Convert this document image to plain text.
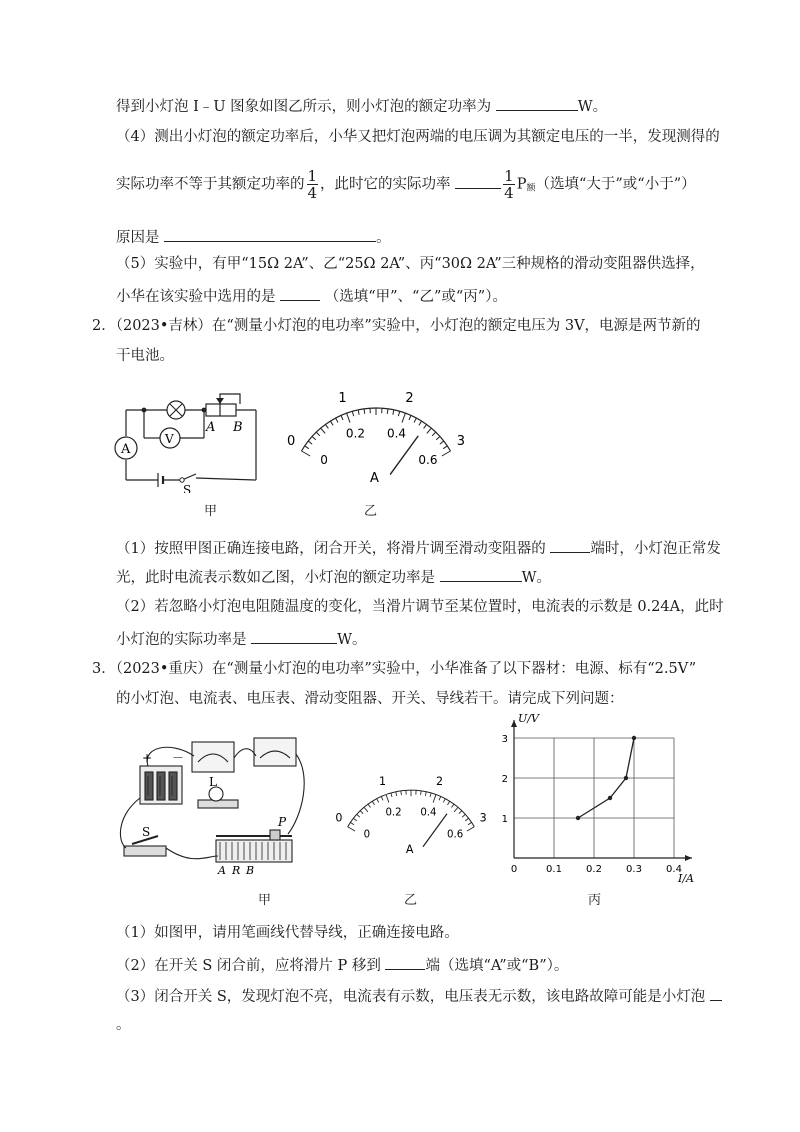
得到小灯泡 I﹣U 图象如图乙所示，则小灯泡的额定功率为	W。
（4）测出小灯泡的额定功率后，小华又把灯泡两端的电压调为其额定电压的一半，发现测得的
实际功率不等于其额定功率的 $\frac{1}{4}$ ，此时它的实际功率	$\frac{1}{4} P_额$（选填“大于”或“小于”）
原因是	。
（5）实验中，有甲“15Ω 2A”、乙“25Ω 2A”、丙“30Ω 2A”三种规格的滑动变阻器供选择，
小华在该实验中选用的是	（选填“甲”、“乙”或“丙”）。
2．（2023•吉林）在“测量小灯泡的电功率”实验中，小灯泡的额定电压为 3V，电源是两节新的
干电池。
A
V
A B
S
甲
0
1	2
3
0
0.2 0.4
0.6
A
乙
（1）按照甲图正确连接电路，闭合开关，将滑片调至滑动变阻器的	端时，小灯泡正常发
光，此时电流表示数如乙图，小灯泡的额定功率是	W。
（2）若忽略小灯泡电阻随温度的变化，当滑片调节至某位置时，电流表的示数是 0.24A，此时
小灯泡的实际功率是	W。
3．（2023•重庆）在“测量小灯泡的电功率”实验中，小华准备了以下器材：电源、标有“2.5V”
的小灯泡、电流表、电压表、滑动变阻器、开关、导线若干。请完成下列问题：
+ －
L
S
P
A R B
甲
0
1	2
3
0
0.2 0.4
0.6
A
乙
0	0.1 0.2 0.3 0.4
1
2
3
I/A
U/V
丙
（1）如图甲，请用笔画线代替导线，正确连接电路。
（2）在开关 S 闭合前，应将滑片 P 移到	端（选填“A”或“B”）。
（3）闭合开关 S，发现灯泡不亮，电流表有示数，电压表无示数，该电路故障可能是小灯泡
。
